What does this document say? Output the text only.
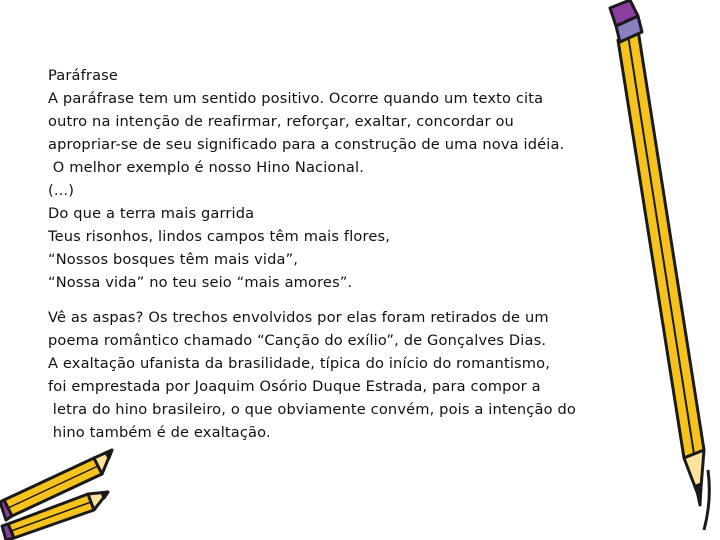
Paráfrase
A paráfrase tem um sentido positivo. Ocorre quando um texto cita
outro na intenção de reafirmar, reforçar, exaltar, concordar ou
apropriar-se de seu significado para a construção de uma nova idéia.
O melhor exemplo é nosso Hino Nacional.
(...)
Do que a terra mais garrida
Teus risonhos, lindos campos têm mais flores,
“Nossos bosques têm mais vida”,
“Nossa vida” no teu seio “mais amores”.
Vê as aspas? Os trechos envolvidos por elas foram retirados de um
poema romântico chamado “Canção do exílio”, de Gonçalves Dias.
A exaltação ufanista da brasilidade, típica do início do romantismo,
foi emprestada por Joaquim Osório Duque Estrada, para compor a
letra do hino brasileiro, o que obviamente convém, pois a intenção do
hino também é de exaltação.
